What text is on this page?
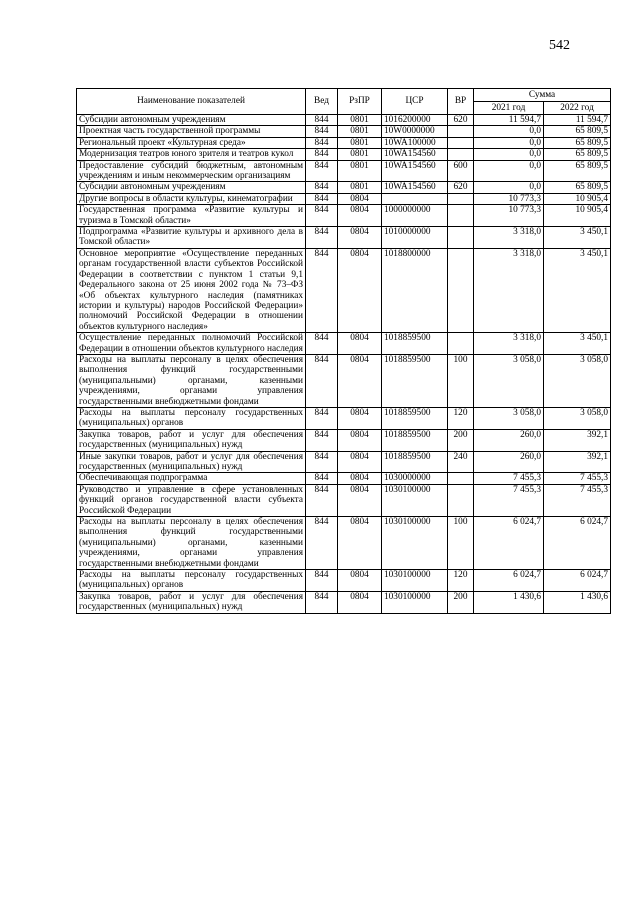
542
Наименование показателей	Вед	РзПР	ЦСР	ВР	Сумма	
					2021 год	2022 год
Субсидии автономным учреждениям	844	0801	1016200000	620	11 594,7	11 594,7
Проектная часть государственной программы	844	0801	10W0000000		0,0	65 809,5
Региональный проект «Культурная среда»	844	0801	10WA100000		0,0	65 809,5
Модернизация театров юного зрителя и театров кукол	844	0801	10WA154560		0,0	65 809,5
Предоставление субсидий бюджетным, автономным учреждениям и иным некоммерческим организациям	844	0801	10WA154560	600	0,0	65 809,5
Субсидии автономным учреждениям	844	0801	10WA154560	620	0,0	65 809,5
Другие вопросы в области культуры, кинематографии	844	0804			10 773,3	10 905,4
Государственная программа «Развитие культуры и туризма в Томской области»	844	0804	1000000000		10 773,3	10 905,4
Подпрограмма «Развитие культуры и архивного дела в Томской области»	844	0804	1010000000		3 318,0	3 450,1
Основное мероприятие «Осуществление переданных органам государственной власти субъектов Российской Федерации в соответствии с пунктом 1 статьи 9,1 Федерального закона от 25 июня 2002 года № 73–ФЗ «Об объектах культурного наследия (памятниках истории и культуры) народов Российской Федерации» полномочий Российской Федерации в отношении объектов культурного наследия»	844	0804	1018800000		3 318,0	3 450,1
Осуществление переданных полномочий Российской Федерации в отношении объектов культурного наследия	844	0804	1018859500		3 318,0	3 450,1
Расходы на выплаты персоналу в целях обеспечения выполнения функций государственными (муниципальными) органами, казенными учреждениями, органами управления государственными внебюджетными фондами	844	0804	1018859500	100	3 058,0	3 058,0
Расходы на выплаты персоналу государственных (муниципальных) органов	844	0804	1018859500	120	3 058,0	3 058,0
Закупка товаров, работ и услуг для обеспечения государственных (муниципальных) нужд	844	0804	1018859500	200	260,0	392,1
Иные закупки товаров, работ и услуг для обеспечения государственных (муниципальных) нужд	844	0804	1018859500	240	260,0	392,1
Обеспечивающая подпрограмма	844	0804	1030000000		7 455,3	7 455,3
Руководство и управление в сфере установленных функций органов государственной власти субъекта Российской Федерации	844	0804	1030100000		7 455,3	7 455,3
Расходы на выплаты персоналу в целях обеспечения выполнения функций государственными (муниципальными) органами, казенными учреждениями, органами управления государственными внебюджетными фондами	844	0804	1030100000	100	6 024,7	6 024,7
Расходы на выплаты персоналу государственных (муниципальных) органов	844	0804	1030100000	120	6 024,7	6 024,7
Закупка товаров, работ и услуг для обеспечения государственных (муниципальных) нужд	844	0804	1030100000	200	1 430,6	1 430,6
